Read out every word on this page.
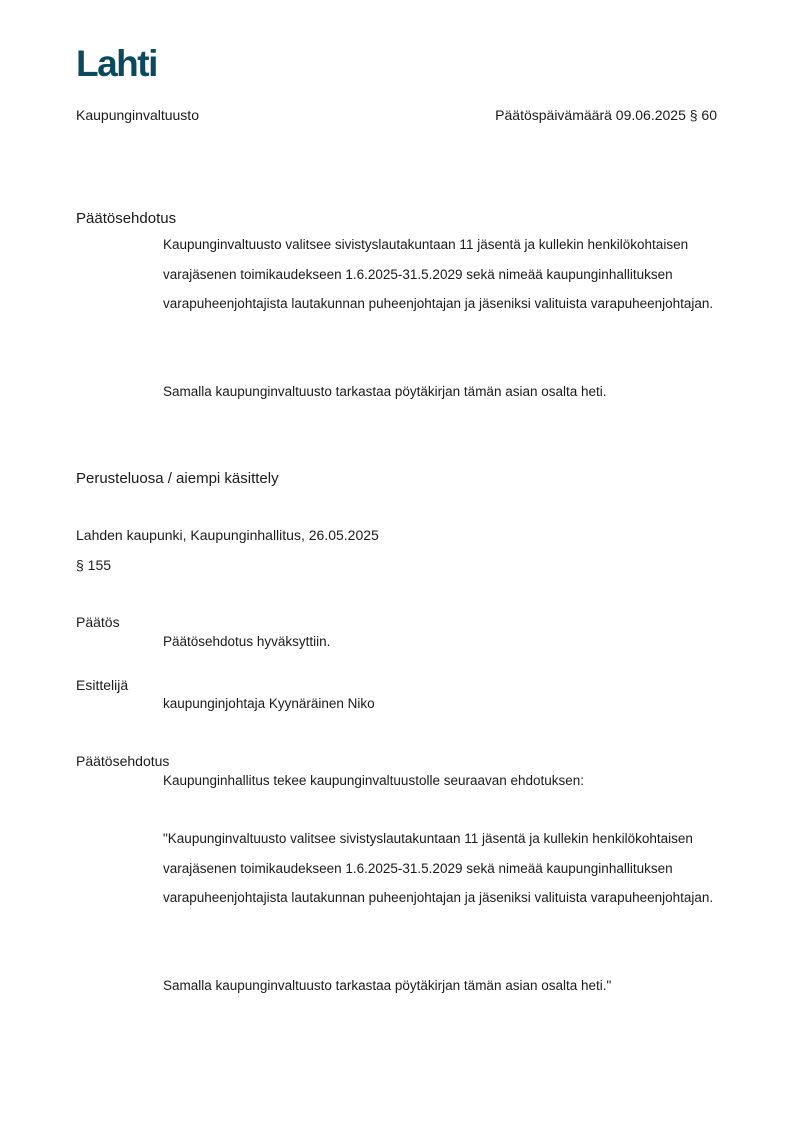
Lahti
Kaupunginvaltuusto	Päätöspäivämäärä 09.06.2025 § 60
Päätösehdotus

Kaupunginvaltuusto valitsee sivistyslautakuntaan 11 jäsentä ja kullekin henkilökohtaisen varajäsenen toimikaudekseen 1.6.2025-31.5.2029 sekä nimeää kaupunginhallituksen varapuheenjohtajista lautakunnan puheenjohtajan ja jäseniksi valituista varapuheenjohtajan.

Samalla kaupunginvaltuusto tarkastaa pöytäkirjan tämän asian osalta heti.
Perusteluosa / aiempi käsittely
Lahden kaupunki, Kaupunginhallitus, 26.05.2025
§ 155
Päätös
Päätösehdotus hyväksyttiin.
Esittelijä
kaupunginjohtaja Kyynäräinen Niko
Päätösehdotus
Kaupunginhallitus tekee kaupunginvaltuustolle seuraavan ehdotuksen:

"Kaupunginvaltuusto valitsee sivistyslautakuntaan 11 jäsentä ja kullekin henkilökohtaisen varajäsenen toimikaudekseen 1.6.2025-31.5.2029 sekä nimeää kaupunginhallituksen varapuheenjohtajista lautakunnan puheenjohtajan ja jäseniksi valituista varapuheenjohtajan.

Samalla kaupunginvaltuusto tarkastaa pöytäkirjan tämän asian osalta heti."
